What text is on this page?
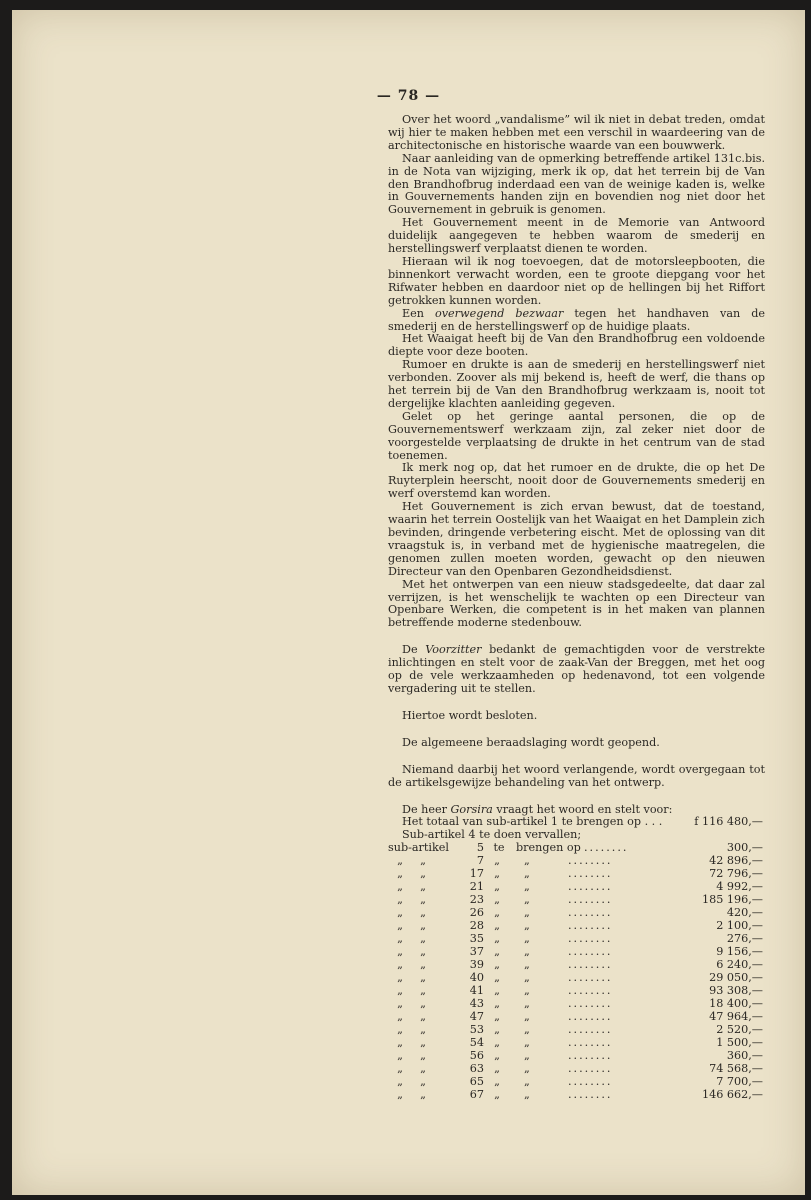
— 78 —

Over het woord „vandalisme” wil ik niet in debat treden, omdat wij hier te maken hebben met een verschil in waardeering van de architectonische en historische waarde van een bouwwerk.

Naar aanleiding van de opmerking betreffende artikel 131c.bis. in de Nota van wijziging, merk ik op, dat het terrein bij de Van den Brandhofbrug inderdaad een van de weinige kaden is, welke in Gouvernements handen zijn en bovendien nog niet door het Gouvernement in gebruik is genomen.

Het Gouvernement meent in de Memorie van Antwoord duidelijk aangegeven te hebben waarom de smederij en herstellingswerf verplaatst dienen te worden.

Hieraan wil ik nog toevoegen, dat de motorsleepbooten, die binnenkort verwacht worden, een te groote diepgang voor het Rifwater hebben en daardoor niet op de hellingen bij het Riffort getrokken kunnen worden.

Een overwegend bezwaar tegen het handhaven van de smederij en de herstellingswerf op de huidige plaats.

Het Waaigat heeft bij de Van den Brandhofbrug een voldoende diepte voor deze booten.

Rumoer en drukte is aan de smederij en herstellingswerf niet verbonden. Zoover als mij bekend is, heeft de werf, die thans op het terrein bij de Van den Brandhofbrug werkzaam is, nooit tot dergelijke klachten aanleiding gegeven.

Gelet op het geringe aantal personen, die op de Gouvernementswerf werkzaam zijn, zal zeker niet door de voorgestelde verplaatsing de drukte in het centrum van de stad toenemen.

Ik merk nog op, dat het rumoer en de drukte, die op het De Ruyterplein heerscht, nooit door de Gouvernements smederij en werf overstemd kan worden.

Het Gouvernement is zich ervan bewust, dat de toestand, waarin het terrein Oostelijk van het Waaigat en het Damplein zich bevinden, dringende verbetering eischt. Met de oplossing van dit vraagstuk is, in verband met de hygienische maatregelen, die genomen zullen moeten worden, gewacht op den nieuwen Directeur van den Openbaren Gezondheidsdienst.

Met het ontwerpen van een nieuw stadsgedeelte, dat daar zal verrijzen, is het wenschelijk te wachten op een Directeur van Openbare Werken, die competent is in het maken van plannen betreffende moderne stedenbouw.

De Voorzitter bedankt de gemachtigden voor de verstrekte inlichtingen en stelt voor de zaak-Van der Breggen, met het oog op de vele werkzaamheden op hedenavond, tot een volgende vergadering uit te stellen.

Hiertoe wordt besloten.

De algemeene beraadslaging wordt geopend.

Niemand daarbij het woord verlangende, wordt overgegaan tot de artikelsgewijze behandeling van het ontwerp.

De heer Gorsira vraagt het woord en stelt voor:

Het totaal van sub-artikel 1 te brengen op . . .	f 116 480,—
Sub-artikel 4 te doen vervallen;
sub-artikel	5 te	brengen op ........	300,—
„	„	7 „	„	........	42 896,—
„	„	17 „	„	........	72 796,—
„	„	21 „	„	........	4 992,—
„	„	23 „	„	........	185 196,—
„	„	26 „	„	........	420,—
„	„	28 „	„	........	2 100,—
„	„	35 „	„	........	276,—
„	„	37 „	„	........	9 156,—
„	„	39 „	„	........	6 240,—
„	„	40 „	„	........	29 050,—
„	„	41 „	„	........	93 308,—
„	„	43 „	„	........	18 400,—
„	„	47 „	„	........	47 964,—
„	„	53 „	„	........	2 520,—
„	„	54 „	„	........	1 500,—
„	„	56 „	„	........	360,—
„	„	63 „	„	........	74 568,—
„	„	65 „	„	........	7 700,—
„	„	67 „	„	........	146 662,—
